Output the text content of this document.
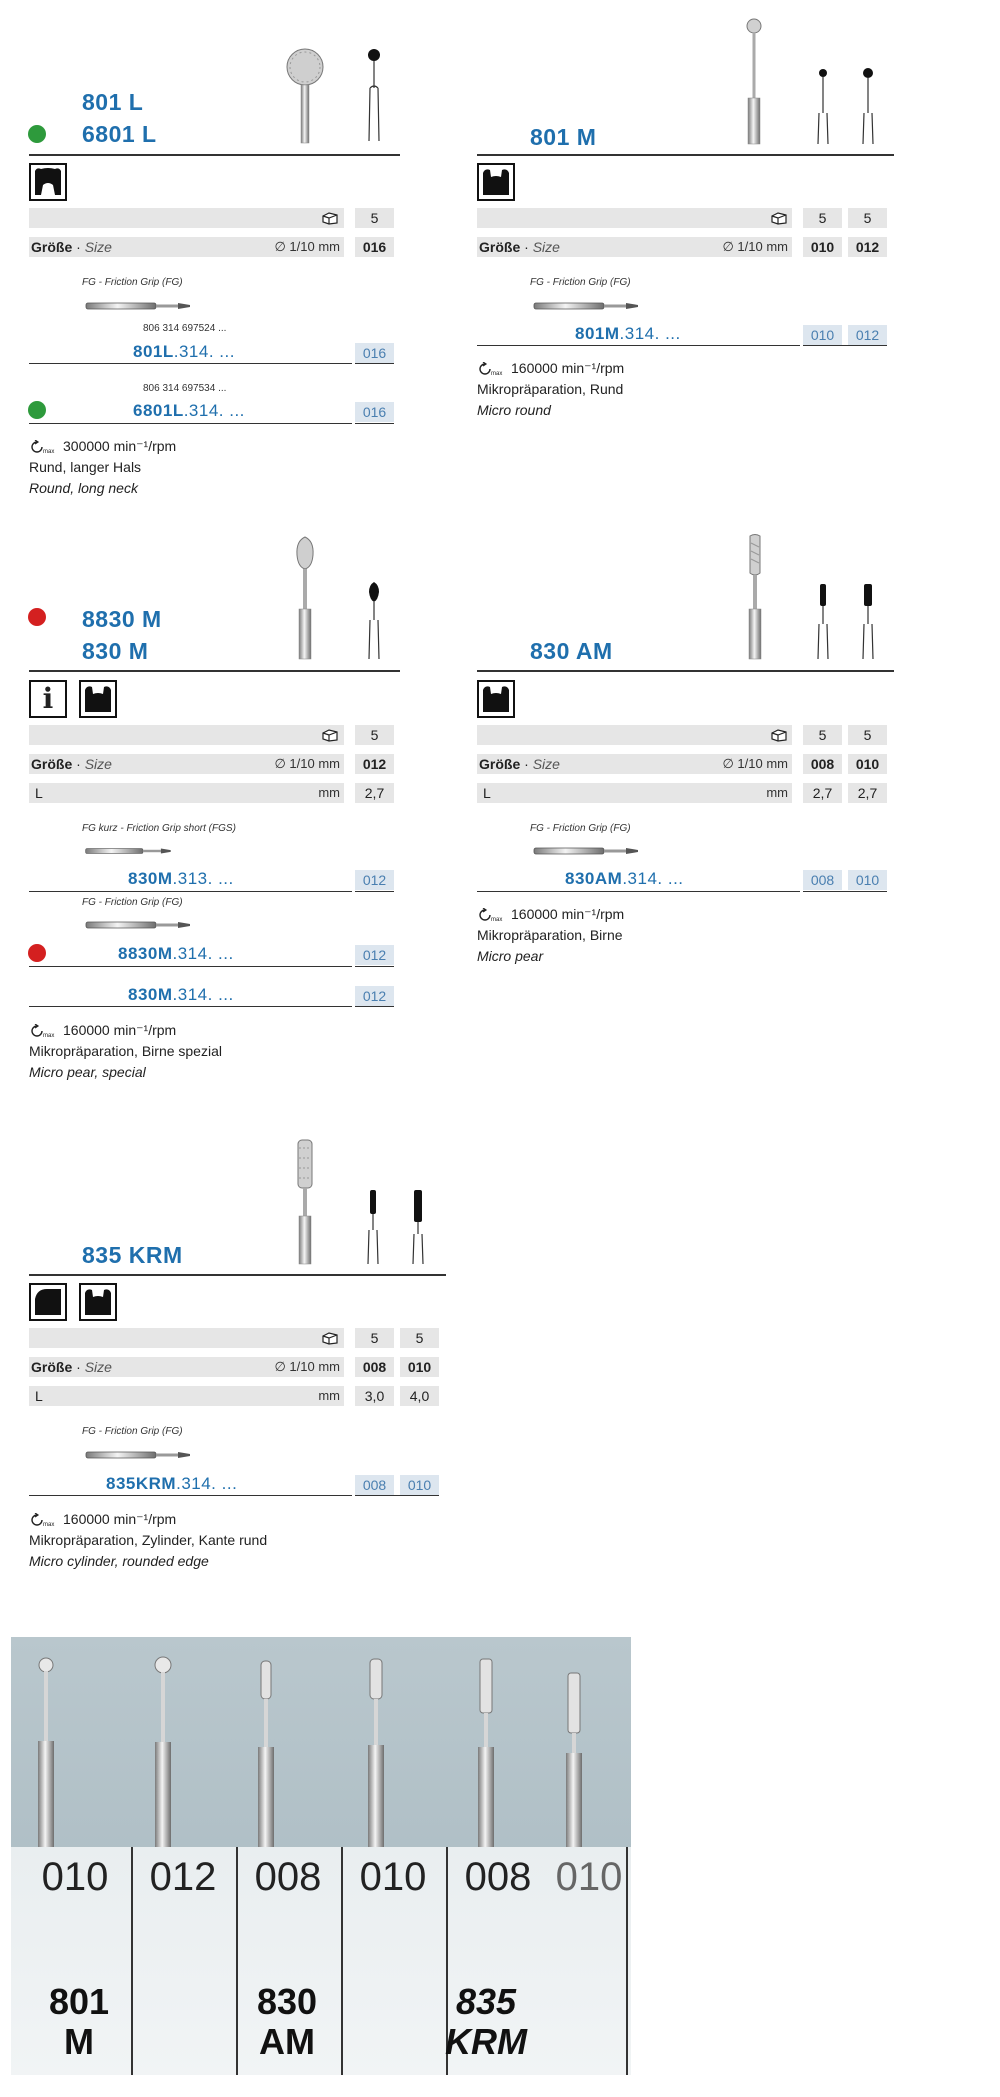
801 L
6801 L
5
Größe · Size	∅ 1/10 mm	016
FG - Friction Grip (FG)
806 314 697524 ...
801L.314. ...	016
806 314 697534 ...
6801L.314. ...	016
300000 min⁻¹/rpm
Rund, langer Hals
Round, long neck
801 M
5	5
Größe · Size	∅ 1/10 mm	010	012
FG - Friction Grip (FG)
801M.314. ...	010	012
160000 min⁻¹/rpm
Mikropräparation, Rund
Micro round
8830 M
830 M
i
5
Größe · Size	∅ 1/10 mm	012
L	mm	2,7
FG kurz - Friction Grip short (FGS)
830M.313. ...	012
FG - Friction Grip (FG)
8830M.314. ...	012
830M.314. ...	012
160000 min⁻¹/rpm
Mikropräparation, Birne spezial
Micro pear, special
830 AM
5	5
Größe · Size	∅ 1/10 mm	008	010
L	mm	2,7	2,7
FG - Friction Grip (FG)
830AM.314. ...	008	010
160000 min⁻¹/rpm
Mikropräparation, Birne
Micro pear
835 KRM
5	5
Größe · Size	∅ 1/10 mm	008	010
L	mm	3,0	4,0
FG - Friction Grip (FG)
835KRM.314. ...	008	010
160000 min⁻¹/rpm
Mikropräparation, Zylinder, Kante rund
Micro cylinder, rounded edge
010	012 008 010 008 010
801
M
830
AM
835
KRM
